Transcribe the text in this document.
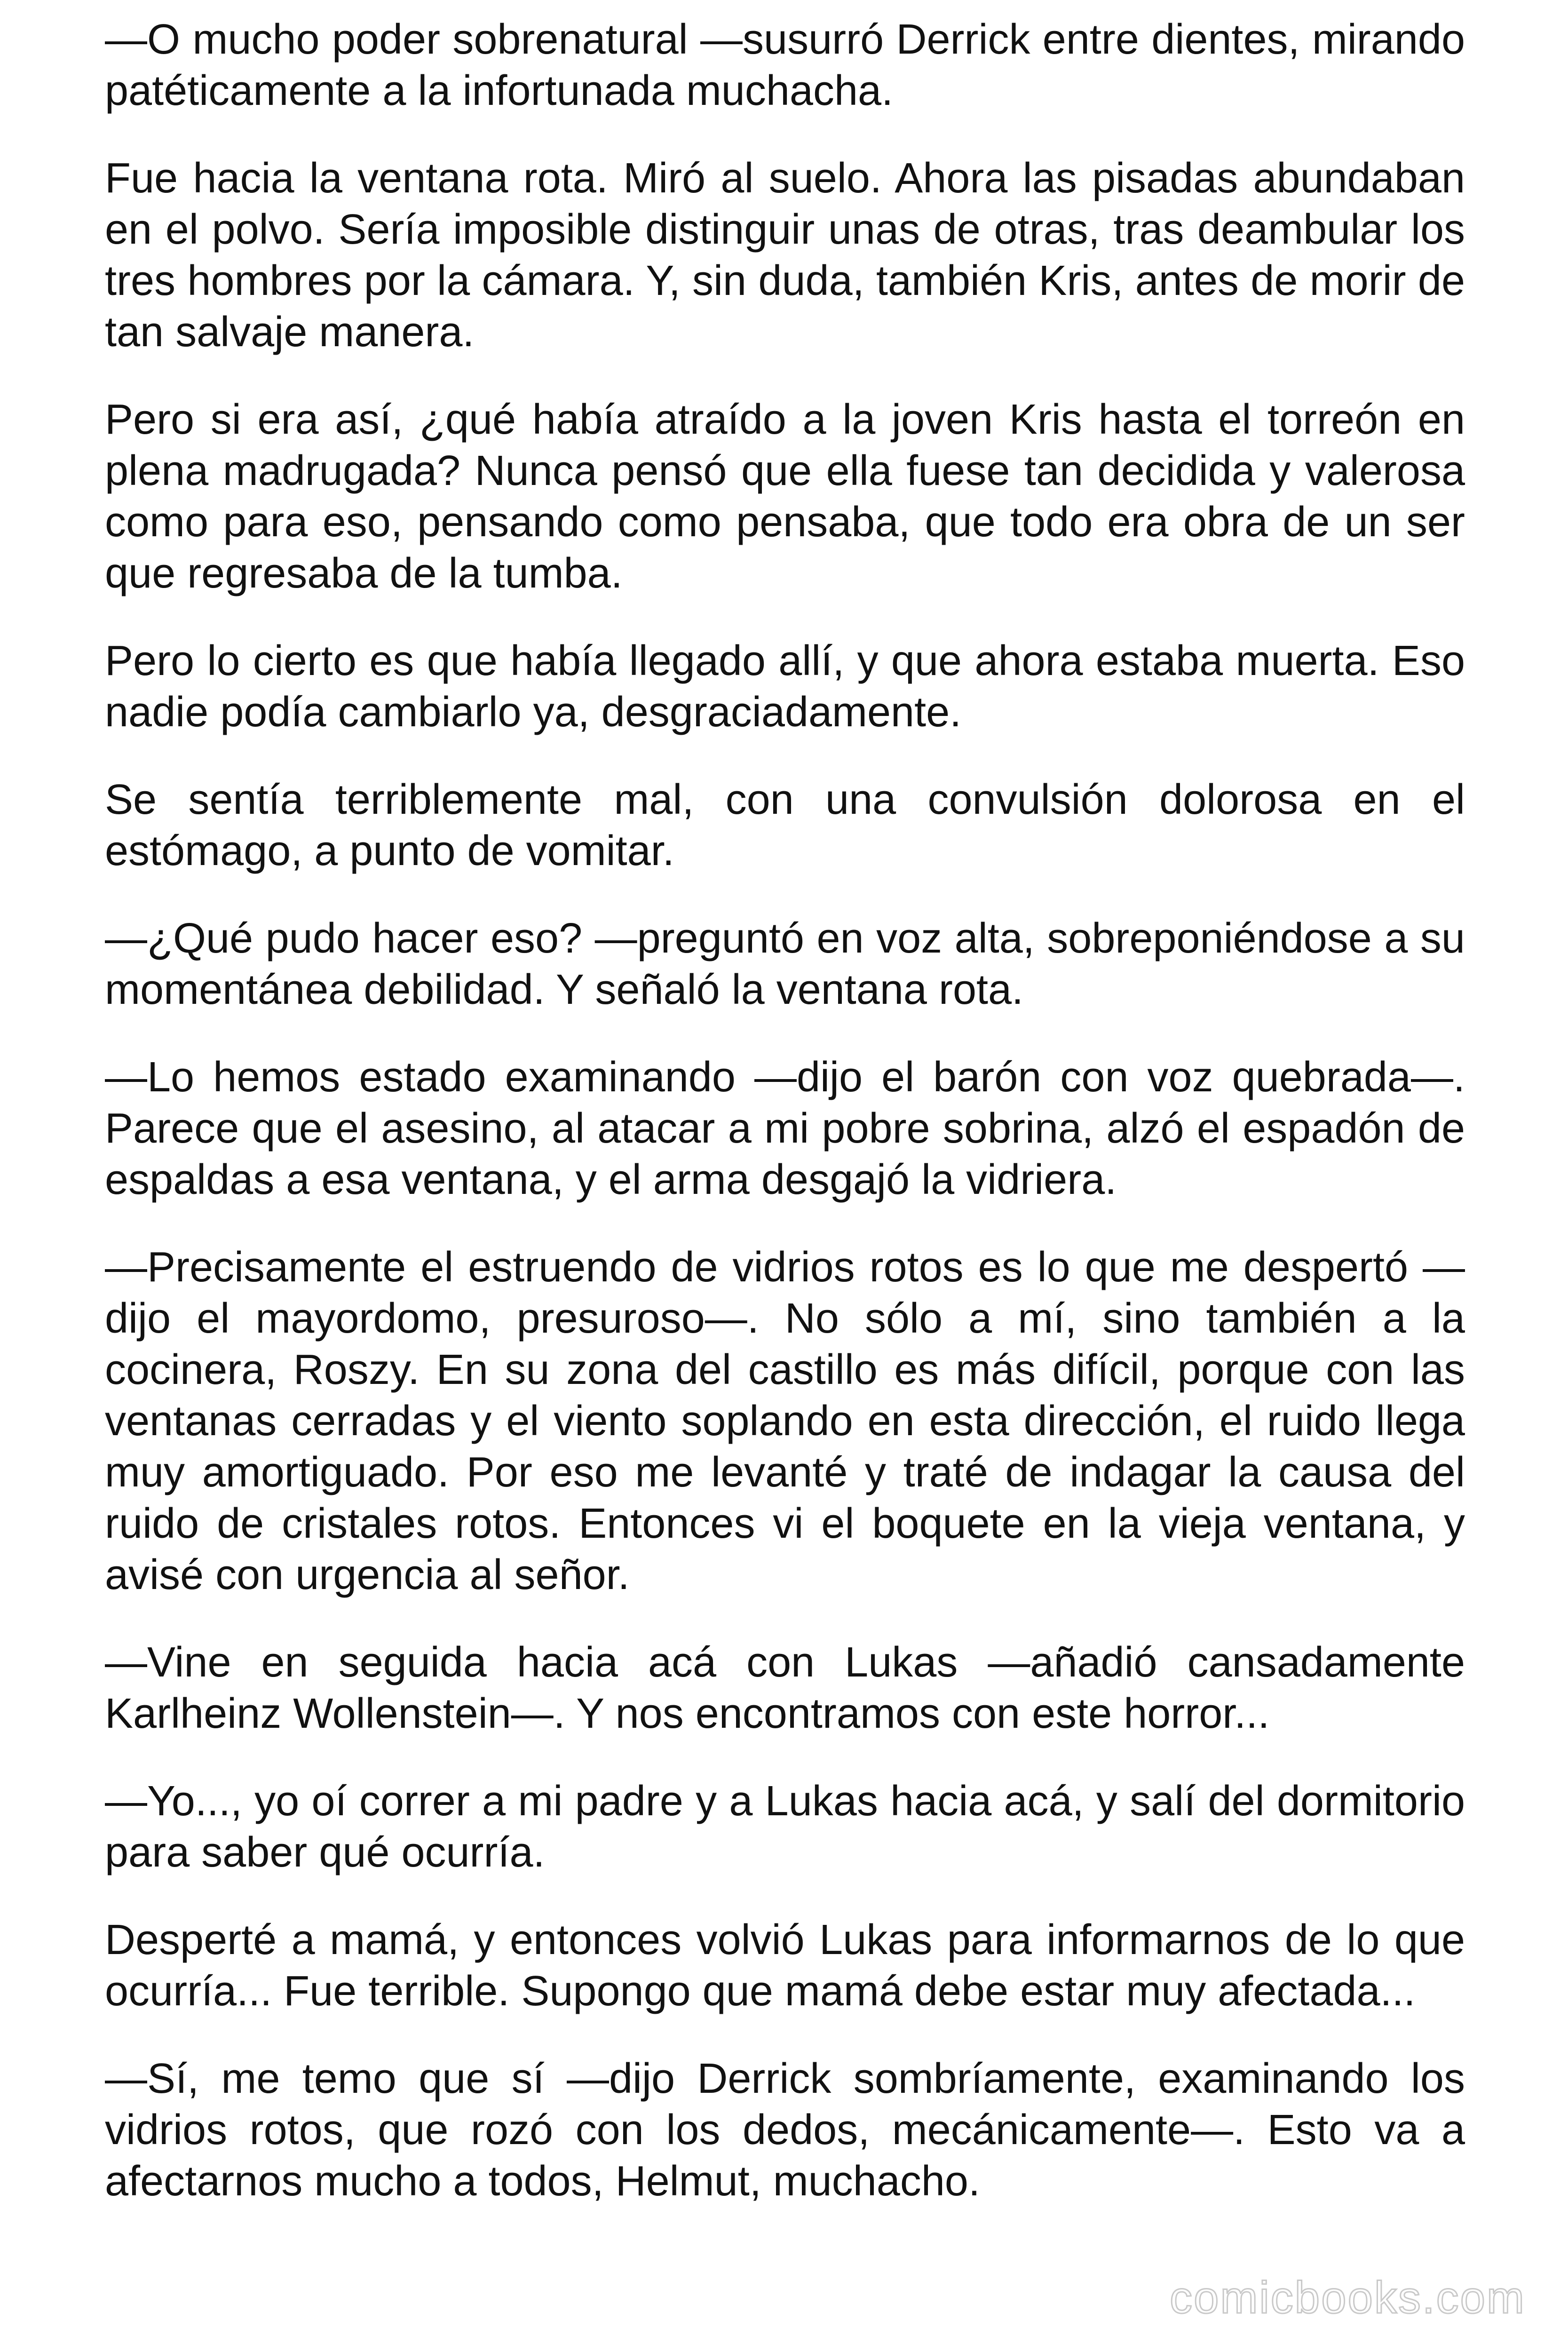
—O mucho poder sobrenatural —susurró Derrick entre dientes, mirando patéticamente a la infortunada muchacha.

Fue hacia la ventana rota. Miró al suelo. Ahora las pisadas abundaban en el polvo. Sería imposible distinguir unas de otras, tras deambular los tres hombres por la cámara. Y, sin duda, también Kris, antes de morir de tan salvaje manera.

Pero si era así, ¿qué había atraído a la joven Kris hasta el torreón en plena madrugada? Nunca pensó que ella fuese tan decidida y valerosa como para eso, pensando como pensaba, que todo era obra de un ser que regresaba de la tumba.

Pero lo cierto es que había llegado allí, y que ahora estaba muerta. Eso nadie podía cambiarlo ya, desgraciadamente.

Se sentía terriblemente mal, con una convulsión dolorosa en el estómago, a punto de vomitar.

—¿Qué pudo hacer eso? —preguntó en voz alta, sobreponiéndose a su momentánea debilidad. Y señaló la ventana rota.

—Lo hemos estado examinando —dijo el barón con voz quebrada—. Parece que el asesino, al atacar a mi pobre sobrina, alzó el espadón de espaldas a esa ventana, y el arma desgajó la vidriera.

—Precisamente el estruendo de vidrios rotos es lo que me despertó —dijo el mayordomo, presuroso—. No sólo a mí, sino también a la cocinera, Roszy. En su zona del castillo es más difícil, porque con las ventanas cerradas y el viento soplando en esta dirección, el ruido llega muy amortiguado. Por eso me levanté y traté de indagar la causa del ruido de cristales rotos. Entonces vi el boquete en la vieja ventana, y avisé con urgencia al señor.

—Vine en seguida hacia acá con Lukas —añadió cansadamente Karlheinz Wollenstein—. Y nos encontramos con este horror...

—Yo..., yo oí correr a mi padre y a Lukas hacia acá, y salí del dormitorio para saber qué ocurría.

Desperté a mamá, y entonces volvió Lukas para informarnos de lo que ocurría... Fue terrible. Supongo que mamá debe estar muy afectada...

—Sí, me temo que sí —dijo Derrick sombríamente, examinando los vidrios rotos, que rozó con los dedos, mecánicamente—. Esto va a afectarnos mucho a todos, Helmut, muchacho.

comicbooks.com
